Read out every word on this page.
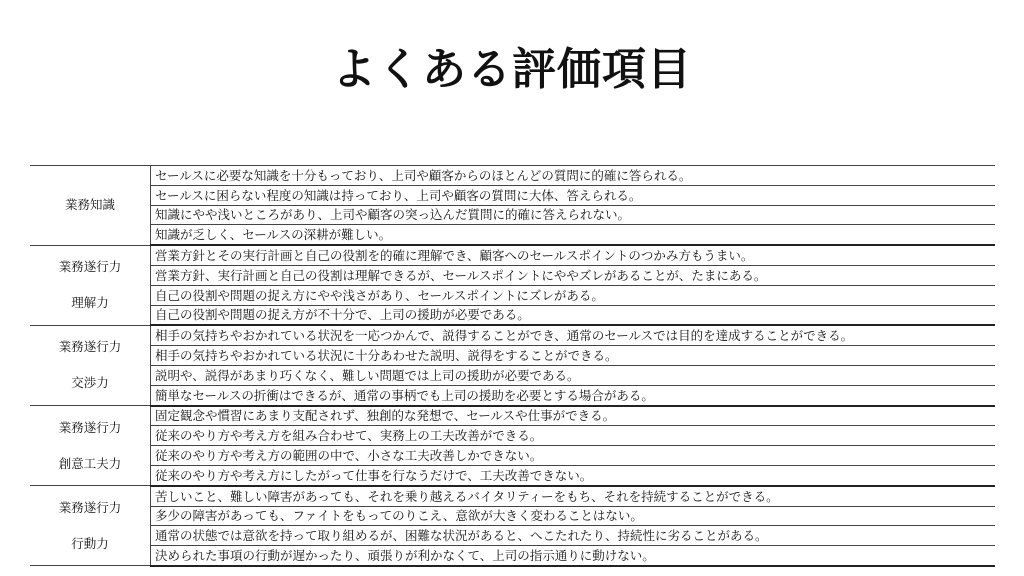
よくある評価項目
業務知識	セールスに必要な知識を十分もっており、上司や顧客からのほとんどの質問に的確に答られる。
	セールスに困らない程度の知識は持っており、上司や顧客の質問に大体、答えられる。
	知識にやや浅いところがあり、上司や顧客の突っ込んだ質問に的確に答えられない。
	知識が乏しく、セールスの深耕が難しい。

業務遂行力
理解力	営業方針とその実行計画と自己の役割を的確に理解でき、顧客へのセールスポイントのつかみ方もうまい。
	営業方針、実行計画と自己の役割は理解できるが、セールスポイントにややズレがあることが、たまにある。
	自己の役割や問題の捉え方にやや浅さがあり、セールスポイントにズレがある。
	自己の役割や問題の捉え方が不十分で、上司の援助が必要である。

業務遂行力
交渉力	相手の気持ちやおかれている状況を一応つかんで、説得することができ、通常のセールスでは目的を達成することができる。
	相手の気持ちやおかれている状況に十分あわせた説明、説得をすることができる。
	説明や、説得があまり巧くなく、難しい問題では上司の援助が必要である。
	簡単なセールスの折衝はできるが、通常の事柄でも上司の援助を必要とする場合がある。

業務遂行力
創意工夫力	固定観念や慣習にあまり支配されず、独創的な発想で、セールスや仕事ができる。
	従来のやり方や考え方を組み合わせて、実務上の工夫改善ができる。
	従来のやり方や考え方の範囲の中で、小さな工夫改善しかできない。
	従来のやり方や考え方にしたがって仕事を行なうだけで、工夫改善できない。

業務遂行力
行動力	苦しいこと、難しい障害があっても、それを乗り越えるバイタリティーをもち、それを持続することができる。
	多少の障害があっても、ファイトをもってのりこえ、意欲が大きく変わることはない。
	通常の状態では意欲を持って取り組めるが、困難な状況があると、へこたれたり、持続性に劣ることがある。
	決められた事項の行動が遅かったり、頑張りが利かなくて、上司の指示通りに動けない。
